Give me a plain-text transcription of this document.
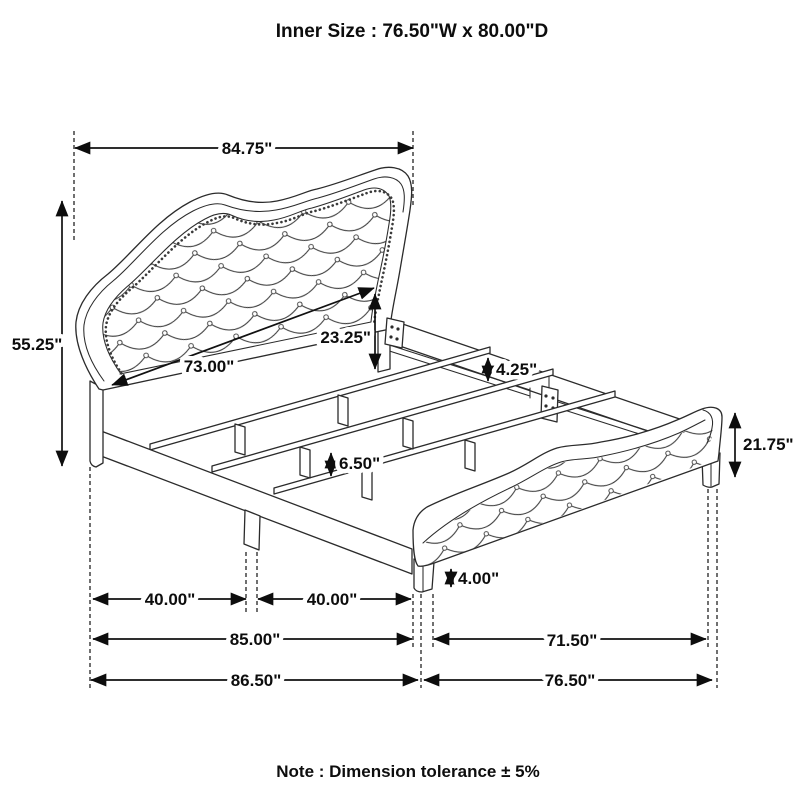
Inner Size : 76.50"W x 80.00"D
84.75"
55.25"
73.00"
23.25"
4.25"
6.50"
21.75"
4.00"
40.00"	40.00"
85.00"	71.50"
86.50"	76.50"
Note : Dimension tolerance ± 5%
